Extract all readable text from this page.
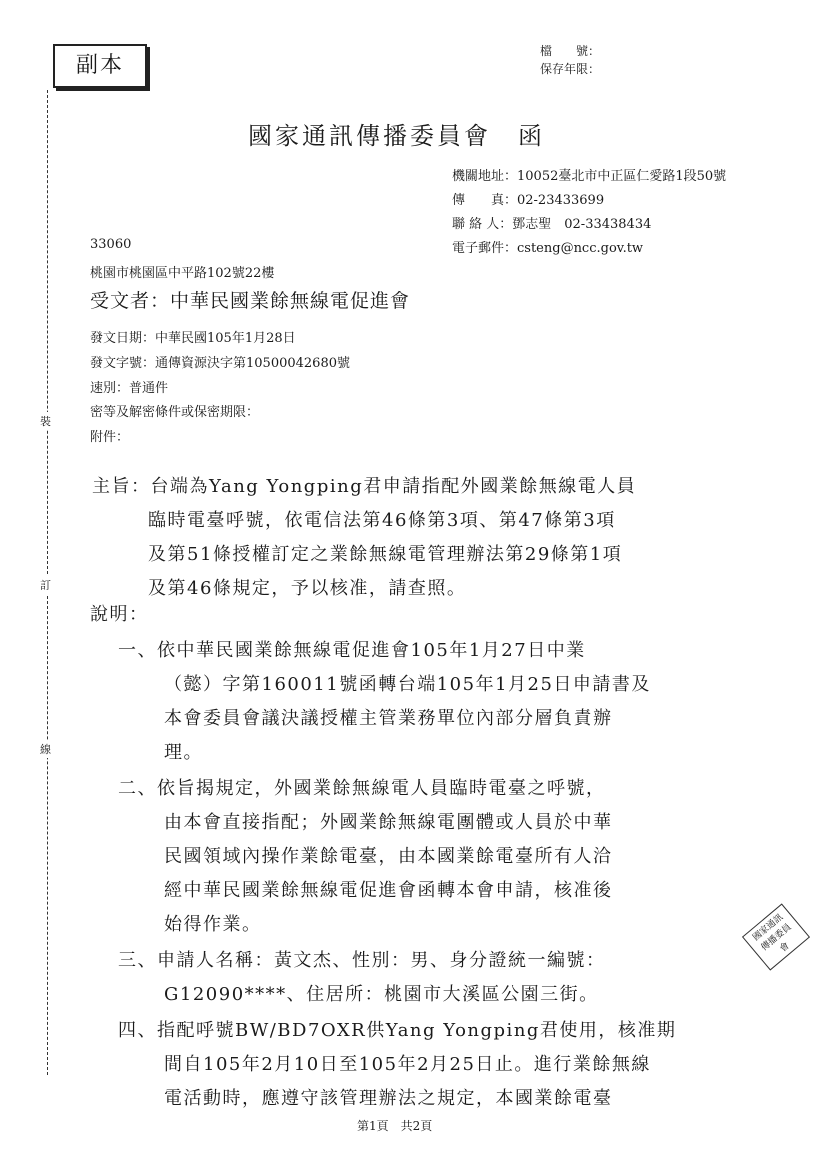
副本
檔　　號：
保存年限：
國家通訊傳播委員會　函
機關地址：10052臺北市中正區仁愛路1段50號
傳　　真：02-23433699
聯 絡 人：鄧志聖　02-33438434
電子郵件：csteng@ncc.gov.tw
33060
桃園市桃園區中平路102號22樓
受文者：中華民國業餘無線電促進會
發文日期：中華民國105年1月28日
發文字號：通傳資源決字第10500042680號
速別：普通件
密等及解密條件或保密期限：
附件：
主旨：台端為Yang Yongping君申請指配外國業餘無線電人員
臨時電臺呼號，依電信法第46條第3項、第47條第3項
及第51條授權訂定之業餘無線電管理辦法第29條第1項
及第46條規定，予以核准，請查照。
說明：
一、依中華民國業餘無線電促進會105年1月27日中業
（懿）字第160011號函轉台端105年1月25日申請書及
本會委員會議決議授權主管業務單位內部分層負責辦
理。
二、依旨揭規定，外國業餘無線電人員臨時電臺之呼號，
由本會直接指配；外國業餘無線電團體或人員於中華
民國領域內操作業餘電臺，由本國業餘電臺所有人洽
經中華民國業餘無線電促進會函轉本會申請，核准後
始得作業。
三、申請人名稱：黃文杰、性別：男、身分證統一編號：
G12090****、住居所：桃園市大溪區公園三街。
四、指配呼號BW/BD7OXR供Yang Yongping君使用，核准期
間自105年2月10日至105年2月25日止。進行業餘無線
電活動時，應遵守該管理辦法之規定，本國業餘電臺
裝
訂
線
國家通訊傳播委員會
第1頁　共2頁
